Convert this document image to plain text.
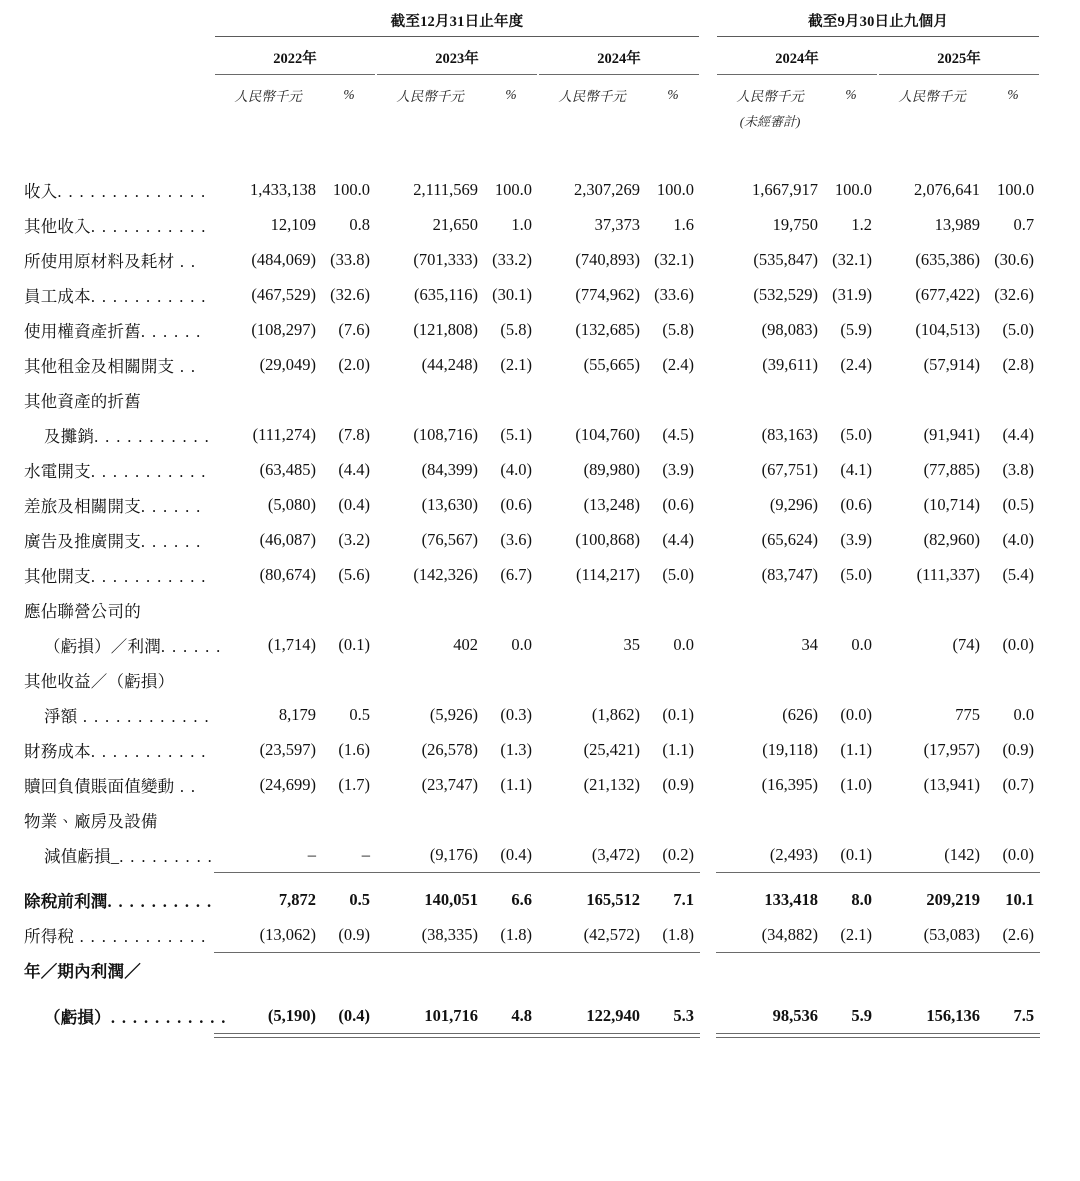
	截至12月31日止年度							截至9月30日止九個月			

	2022年		2023年		2024年			2024年		2025年	

	人民幣千元	%	人民幣千元	%	人民幣千元	%		人民幣千元	%	人民幣千元	%
								(未經審計)			

收入. . . . . . . . . . . . . .	1,433,138	100.0	2,111,569	100.0	2,307,269	100.0		1,667,917	100.0	2,076,641	100.0
其他收入. . . . . . . . . . .	12,109	0.8	21,650	1.0	37,373	1.6		19,750	1.2	13,989	0.7
所使用原材料及耗材 . .	(484,069)	(33.8)	(701,333)	(33.2)	(740,893)	(32.1)		(535,847)	(32.1)	(635,386)	(30.6)
員工成本. . . . . . . . . . .	(467,529)	(32.6)	(635,116)	(30.1)	(774,962)	(33.6)		(532,529)	(31.9)	(677,422)	(32.6)
使用權資產折舊. . . . . .	(108,297)	(7.6)	(121,808)	(5.8)	(132,685)	(5.8)		(98,083)	(5.9)	(104,513)	(5.0)
其他租金及相關開支 . .	(29,049)	(2.0)	(44,248)	(2.1)	(55,665)	(2.4)		(39,611)	(2.4)	(57,914)	(2.8)
其他資產的折舊											
及攤銷. . . . . . . . . . .	(111,274)	(7.8)	(108,716)	(5.1)	(104,760)	(4.5)		(83,163)	(5.0)	(91,941)	(4.4)
水電開支. . . . . . . . . . .	(63,485)	(4.4)	(84,399)	(4.0)	(89,980)	(3.9)		(67,751)	(4.1)	(77,885)	(3.8)
差旅及相關開支. . . . . .	(5,080)	(0.4)	(13,630)	(0.6)	(13,248)	(0.6)		(9,296)	(0.6)	(10,714)	(0.5)
廣告及推廣開支. . . . . .	(46,087)	(3.2)	(76,567)	(3.6)	(100,868)	(4.4)		(65,624)	(3.9)	(82,960)	(4.0)
其他開支. . . . . . . . . . .	(80,674)	(5.6)	(142,326)	(6.7)	(114,217)	(5.0)		(83,747)	(5.0)	(111,337)	(5.4)
應佔聯營公司的											
（虧損）／利潤. . . . . .	(1,714)	(0.1)	402	0.0	35	0.0		34	0.0	(74)	(0.0)
其他收益／（虧損）											
淨額 . . . . . . . . . . . .	8,179	0.5	(5,926)	(0.3)	(1,862)	(0.1)		(626)	(0.0)	775	0.0
財務成本. . . . . . . . . . .	(23,597)	(1.6)	(26,578)	(1.3)	(25,421)	(1.1)		(19,118)	(1.1)	(17,957)	(0.9)
贖回負債賬面值變動 . .	(24,699)	(1.7)	(23,747)	(1.1)	(21,132)	(0.9)		(16,395)	(1.0)	(13,941)	(0.7)
物業、廠房及設備											
減值虧損_. . . . . . . . .	–	–	(9,176)	(0.4)	(3,472)	(0.2)		(2,493)	(0.1)	(142)	(0.0)
除稅前利潤. . . . . . . . . .	7,872	0.5	140,051	6.6	165,512	7.1		133,418	8.0	209,219	10.1
所得稅 . . . . . . . . . . . .	(13,062)	(0.9)	(38,335)	(1.8)	(42,572)	(1.8)		(34,882)	(2.1)	(53,083)	(2.6)
年／期內利潤／											
（虧損）. . . . . . . . . . .	(5,190)	(0.4)	101,716	4.8	122,940	5.3		98,536	5.9	156,136	7.5
